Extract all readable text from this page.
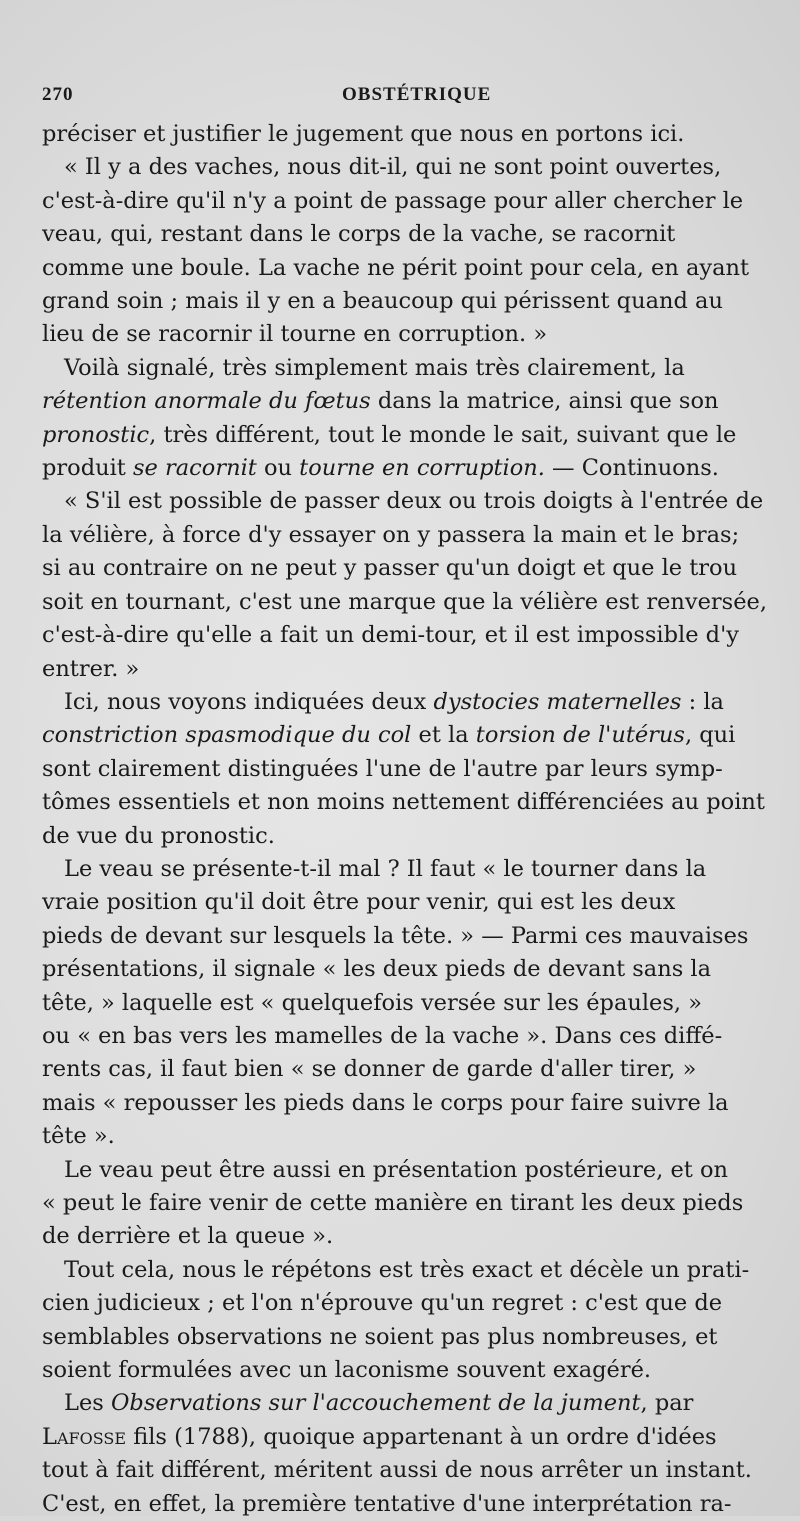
270	OBSTÉTRIQUE
préciser et justifier le jugement que nous en portons ici.
« Il y a des vaches, nous dit-il, qui ne sont point ouvertes,
c'est-à-dire qu'il n'y a point de passage pour aller chercher le
veau, qui, restant dans le corps de la vache, se racornit
comme une boule. La vache ne périt point pour cela, en ayant
grand soin ; mais il y en a beaucoup qui périssent quand au
lieu de se racornir il tourne en corruption. »
Voilà signalé, très simplement mais très clairement, la
rétention anormale du fœtus dans la matrice, ainsi que son
pronostic, très différent, tout le monde le sait, suivant que le
produit se racornit ou tourne en corruption. — Continuons.
« S'il est possible de passer deux ou trois doigts à l'entrée de
la vélière, à force d'y essayer on y passera la main et le bras;
si au contraire on ne peut y passer qu'un doigt et que le trou
soit en tournant, c'est une marque que la vélière est renversée,
c'est-à-dire qu'elle a fait un demi-tour, et il est impossible d'y
entrer. »
Ici, nous voyons indiquées deux dystocies maternelles : la
constriction spasmodique du col et la torsion de l'utérus, qui
sont clairement distinguées l'une de l'autre par leurs symp-
tômes essentiels et non moins nettement différenciées au point
de vue du pronostic.
Le veau se présente-t-il mal ? Il faut « le tourner dans la
vraie position qu'il doit être pour venir, qui est les deux
pieds de devant sur lesquels la tête. » — Parmi ces mauvaises
présentations, il signale « les deux pieds de devant sans la
tête, » laquelle est « quelquefois versée sur les épaules, »
ou « en bas vers les mamelles de la vache ». Dans ces diffé-
rents cas, il faut bien « se donner de garde d'aller tirer, »
mais « repousser les pieds dans le corps pour faire suivre la
tête ».
Le veau peut être aussi en présentation postérieure, et on
« peut le faire venir de cette manière en tirant les deux pieds
de derrière et la queue ».
Tout cela, nous le répétons est très exact et décèle un prati-
cien judicieux ; et l'on n'éprouve qu'un regret : c'est que de
semblables observations ne soient pas plus nombreuses, et
soient formulées avec un laconisme souvent exagéré.
Les Observations sur l'accouchement de la jument, par
Lafosse fils (1788), quoique appartenant à un ordre d'idées
tout à fait différent, méritent aussi de nous arrêter un instant.
C'est, en effet, la première tentative d'une interprétation ra-
